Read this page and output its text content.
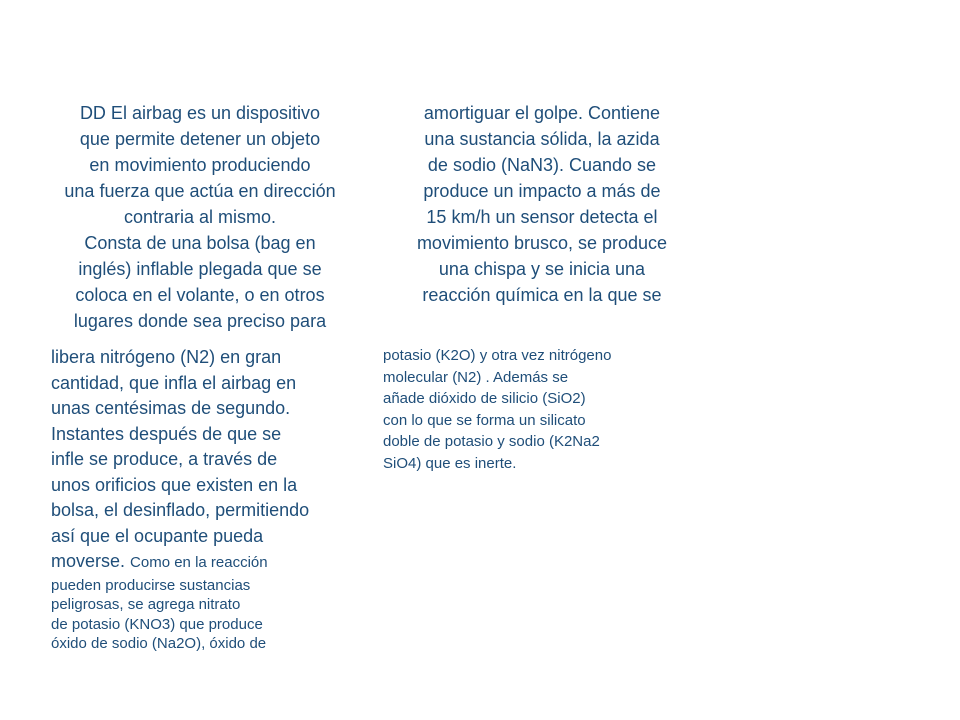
DD El airbag es un dispositivo
que permite detener un objeto
en movimiento produciendo
una fuerza que actúa en dirección
contraria al mismo.
Consta de una bolsa (bag en
inglés) inflable plegada que se
coloca en el volante, o en otros
lugares donde sea preciso para

amortiguar el golpe. Contiene
una sustancia sólida, la azida
de sodio (NaN3). Cuando se
produce un impacto a más de
15 km/h un sensor detecta el
movimiento brusco, se produce
una chispa y se inicia una
reacción química en la que se

libera nitrógeno (N2) en gran
cantidad, que infla el airbag en
unas centésimas de segundo.
Instantes después de que se
infle se produce, a través de
unos orificios que existen en la
bolsa, el desinflado, permitiendo
así que el ocupante pueda
moverse. Como en la reacción
pueden producirse sustancias
peligrosas, se agrega nitrato
de potasio (KNO3) que produce
óxido de sodio (Na2O), óxido de

potasio (K2O) y otra vez nitrógeno
molecular (N2) . Además se
añade dióxido de silicio (SiO2)
con lo que se forma un silicato
doble de potasio y sodio (K2Na2
SiO4) que es inerte.
